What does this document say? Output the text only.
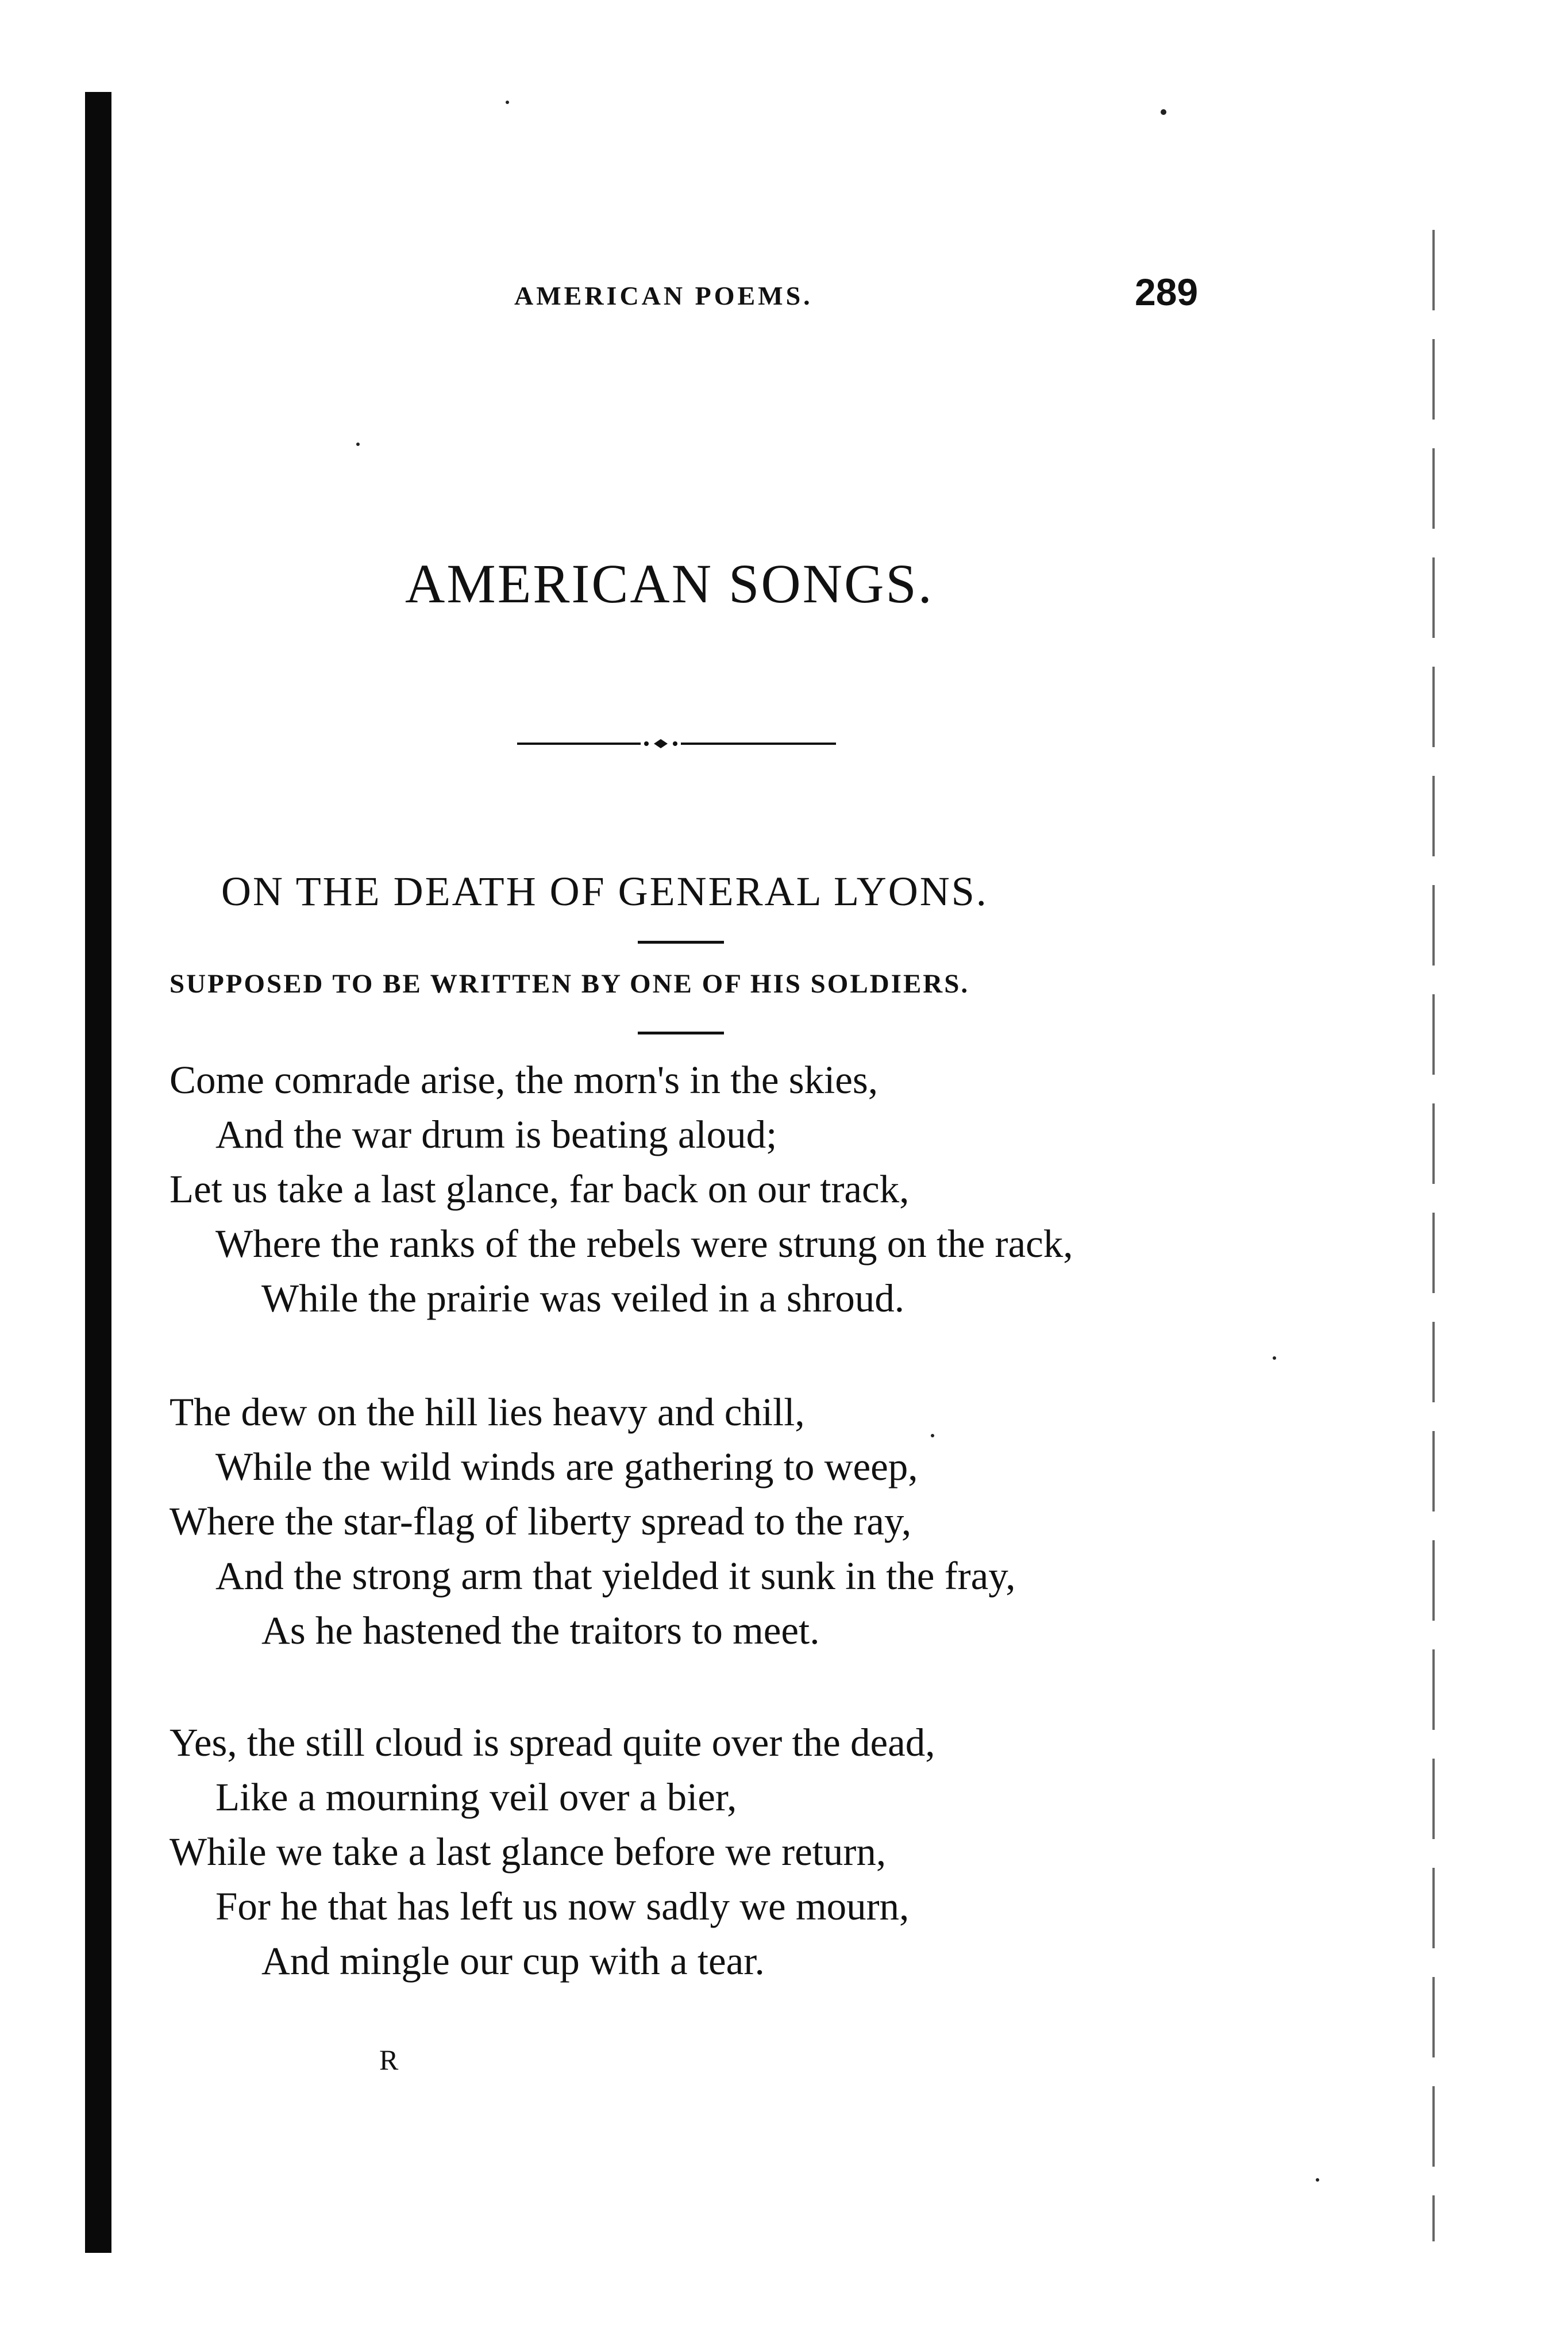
AMERICAN POEMS.	289
AMERICAN SONGS.
ON THE DEATH OF GENERAL LYONS.
SUPPOSED TO BE WRITTEN BY ONE OF HIS SOLDIERS.
Come comrade arise, the morn's in the skies,
And the war drum is beating aloud;
Let us take a last glance, far back on our track,
Where the ranks of the rebels were strung on the rack,
While the prairie was veiled in a shroud.
The dew on the hill lies heavy and chill,
While the wild winds are gathering to weep,
Where the star-flag of liberty spread to the ray,
And the strong arm that yielded it sunk in the fray,
As he hastened the traitors to meet.
Yes, the still cloud is spread quite over the dead,
Like a mourning veil over a bier,
While we take a last glance before we return,
For he that has left us now sadly we mourn,
And mingle our cup with a tear.
R
